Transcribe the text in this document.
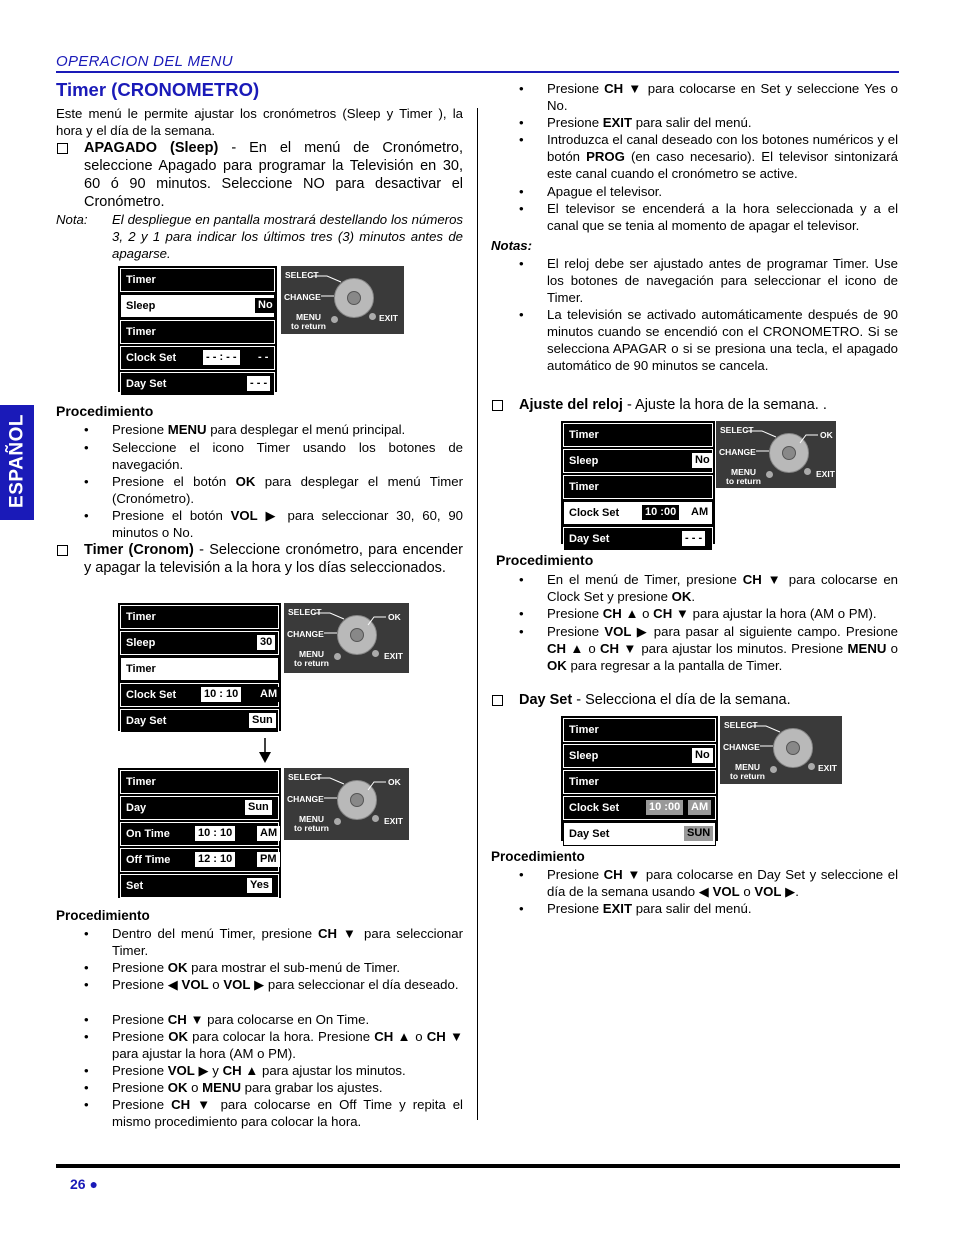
OPERACION DEL MENU
Timer (CRONOMETRO)
ESPAÑOL
Este menú le permite ajustar los cronómetros (Sleep y Timer ), la hora y el día de la semana.
APAGADO (Sleep) - En el menú de Cronómetro, seleccione Apagado para programar la Televisión en 30, 60 ó 90 minutos. Seleccione NO para desactivar el Cronómetro.
Nota: El despliegue en pantalla mostrará destellando los números 3, 2 y 1 para indicar los últimos tres (3) minutos antes de apagarse.
Timer
Sleep	No
Timer
Clock Set	- - : - - - -
Day Set	- - -
SELECT
CHANGE
MENU
to return
EXIT
Procedimiento
• Presione MENU para desplegar el menú principal.
• Seleccione el icono Timer usando los botones de navegación.
• Presione el botón OK para desplegar el menú Timer (Cronómetro).
• Presione el botón VOL ▶ para seleccionar 30, 60, 90 minutos o No.
Timer (Cronom) - Seleccione cronómetro, para encender y apagar la televisión a la hora y los días seleccionados.
Timer
Sleep	30
Timer
Clock Set	10 : 10 AM
Day Set	Sun
SELECT
CHANGE
MENU
to return
EXIT
OK
Timer
Day	Sun
On Time	10 : 10	AM
Off Time	12 : 10	PM
Set	Yes
SELECT
CHANGE
MENU
to return
EXIT
OK
Procedimiento
• Dentro del menú Timer, presione CH ▼ para seleccionar Timer.
• Presione OK para mostrar el sub-menú de Timer.
• Presione ◀ VOL o VOL ▶ para seleccionar el día deseado.
• Presione CH ▼ para colocarse en On Time.
• Presione OK para colocar la hora. Presione CH ▲ o CH ▼ para ajustar la hora (AM o PM).
• Presione VOL ▶ y CH ▲ para ajustar los minutos.
• Presione OK o MENU para grabar los ajustes.
• Presione CH ▼ para colocarse en Off Time y repita el mismo procedimiento para colocar la hora.
• Presione CH ▼ para colocarse en Set y seleccione Yes o No.
• Presione EXIT para salir del menú.
• Introduzca el canal deseado con los botones numéricos y el botón PROG (en caso necesario). El televisor sintonizará este canal cuando el cronómetro se active.
• Apague el televisor.
• El televisor se encenderá a la hora seleccionada y a el canal que se tenia al momento de apagar el televisor.
Notas:
• El reloj debe ser ajustado antes de programar Timer. Use los botones de navegación para seleccionar el icono de Timer.
• La televisión se activado automáticamente después de 90 minutos cuando se encendió con el CRONOMETRO. Si se selecciona APAGAR o si se presiona una tecla, el apagado automático de 90 minutos se cancela.
Ajuste del reloj - Ajuste la hora de la semana. .
Timer
Sleep	No
Timer
Clock Set 10 :00 AM
Day Set	- - -
SELECT
CHANGE
MENU
to return
EXIT
OK
Procedimiento
• En el menú de Timer, presione CH ▼ para colocarse en Clock Set y presione OK.
• Presione CH ▲ o CH ▼ para ajustar la hora (AM o PM).
• Presione VOL ▶ para pasar al siguiente campo. Presione CH ▲ o CH ▼ para ajustar los minutos. Presione MENU o OK para regresar a la pantalla de Timer.
Day Set - Selecciona el día de la semana.
Timer
Sleep	No
Timer
Clock Set	10 :00 AM
Day Set	SUN
SELECT
CHANGE
MENU
to return
EXIT
Procedimiento
• Presione CH ▼ para colocarse en Day Set y seleccione el día de la semana usando ◀ VOL o VOL ▶.
• Presione EXIT para salir del menú.
26 ●
